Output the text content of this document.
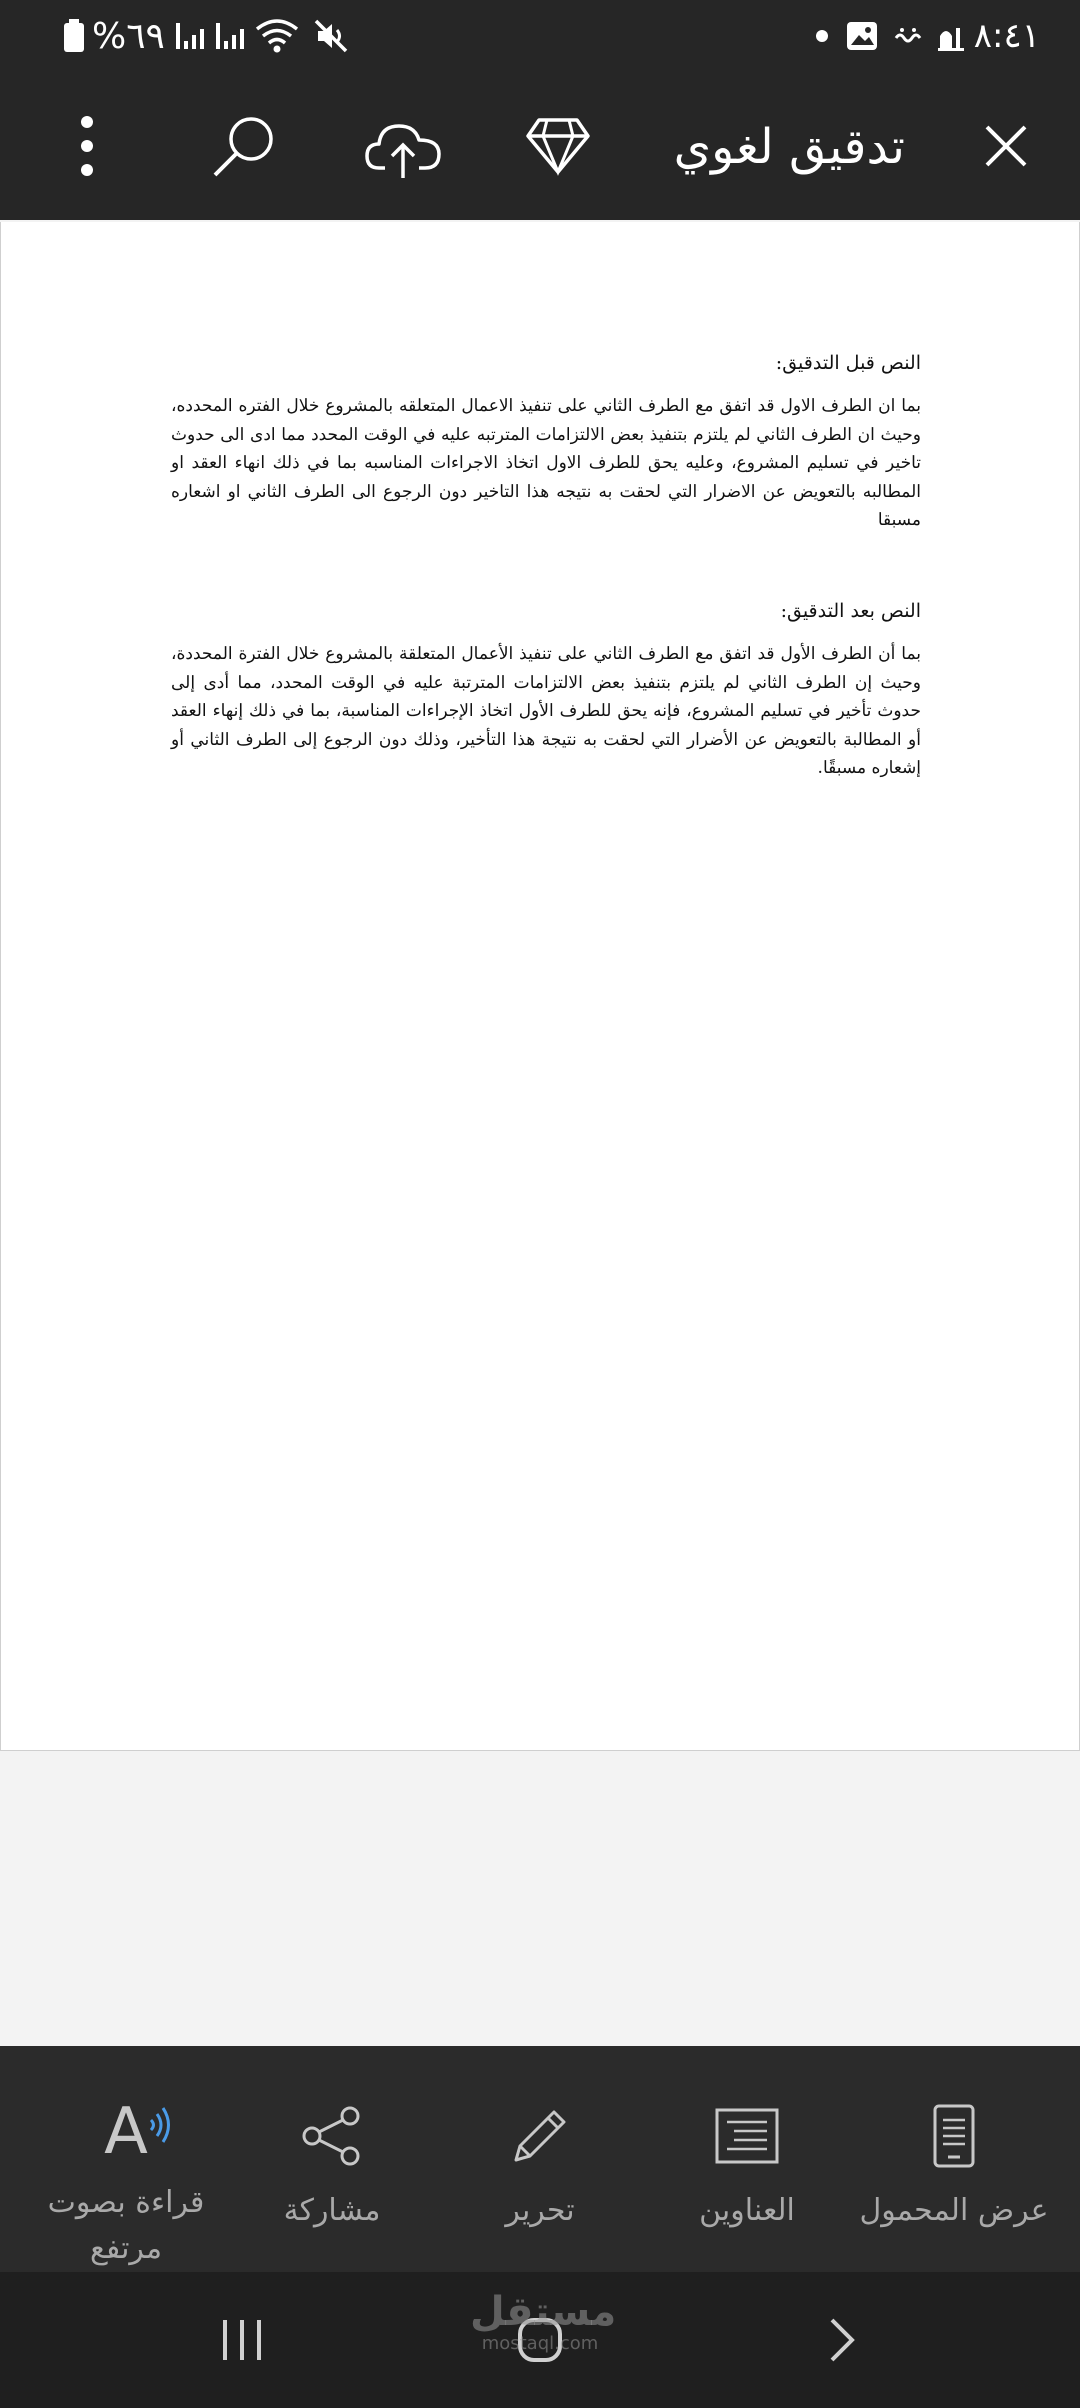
٨:٤١
%٦٩
تدقيق لغوي
النص قبل التدقيق:
بما ان الطرف الاول قد اتفق مع الطرف الثاني على تنفيذ الاعمال المتعلقه بالمشروع خلال الفتره المحدده، وحيث ان الطرف الثاني لم يلتزم بتنفيذ بعض الالتزامات المترتبه عليه في الوقت المحدد مما ادى الى حدوث تاخير في تسليم المشروع، وعليه يحق للطرف الاول اتخاذ الاجراءات المناسبه بما في ذلك انهاء العقد او المطالبه بالتعويض عن الاضرار التي لحقت به نتيجه هذا التاخير دون الرجوع الى الطرف الثاني او اشعاره مسبقا
النص بعد التدقيق:
بما أن الطرف الأول قد اتفق مع الطرف الثاني على تنفيذ الأعمال المتعلقة بالمشروع خلال الفترة المحددة، وحيث إن الطرف الثاني لم يلتزم بتنفيذ بعض الالتزامات المترتبة عليه في الوقت المحدد، مما أدى إلى حدوث تأخير في تسليم المشروع، فإنه يحق للطرف الأول اتخاذ الإجراءات المناسبة، بما في ذلك إنهاء العقد أو المطالبة بالتعويض عن الأضرار التي لحقت به نتيجة هذا التأخير، وذلك دون الرجوع إلى الطرف الثاني أو إشعاره مسبقًا.
عرض المحمول
العناوين
تحرير
مشاركة
A
قراءة بصوت مرتفع
مستقل
mostaql.com
